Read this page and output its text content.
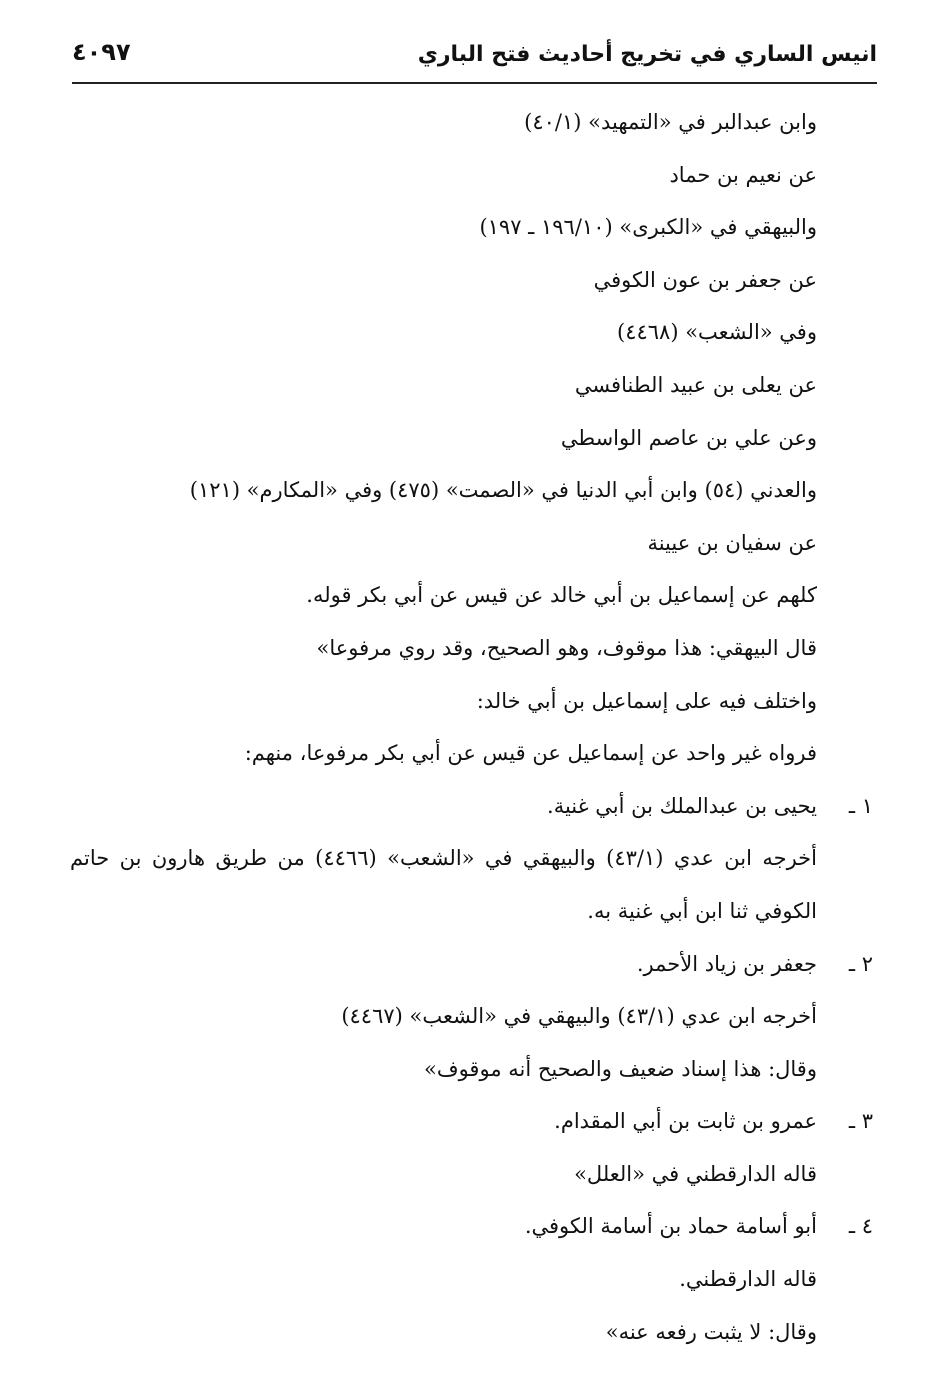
انيس الساري في تخريج أحاديث فتح الباري
٤٠٩٧
وابن عبدالبر في «التمهيد» (٤٠/١)
عن نعيم بن حماد
والبيهقي في «الكبرى» (١٩٦/١٠ ـ ١٩٧)
عن جعفر بن عون الكوفي
وفي «الشعب» (٤٤٦٨)
عن يعلى بن عبيد الطنافسي
وعن علي بن عاصم الواسطي
والعدني (٥٤) وابن أبي الدنيا في «الصمت» (٤٧٥) وفي «المكارم» (١٢١)
عن سفيان بن عيينة
كلهم عن إسماعيل بن أبي خالد عن قيس عن أبي بكر قوله.
قال البيهقي: هذا موقوف، وهو الصحيح، وقد روي مرفوعا»
واختلف فيه على إسماعيل بن أبي خالد:
فرواه غير واحد عن إسماعيل عن قيس عن أبي بكر مرفوعا، منهم:
١ ـ
يحيى بن عبدالملك بن أبي غنية.
أخرجه ابن عدي (٤٣/١) والبيهقي في «الشعب» (٤٤٦٦) من طريق هارون بن حاتم الكوفي ثنا ابن أبي غنية به.
٢ ـ
جعفر بن زياد الأحمر.
أخرجه ابن عدي (٤٣/١) والبيهقي في «الشعب» (٤٤٦٧)
وقال: هذا إسناد ضعيف والصحيح أنه موقوف»
٣ ـ
عمرو بن ثابت بن أبي المقدام.
قاله الدارقطني في «العلل»
٤ ـ
أبو أسامة حماد بن أسامة الكوفي.
قاله الدارقطني.
وقال: لا يثبت رفعه عنه»
